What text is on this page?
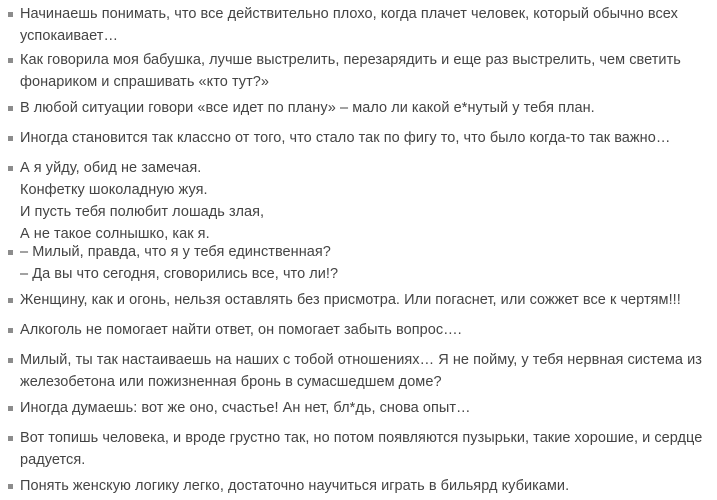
Начинаешь понимать, что все действительно плохо, когда плачет человек, который обычно всех
успокаивает…

Как говорила моя бабушка, лучше выстрелить, перезарядить и еще раз выстрелить, чем светить
фонариком и спрашивать «кто тут?»

В любой ситуации говори «все идет по плану» – мало ли какой е*нутый у тебя план.

Иногда становится так классно от того, что стало так по фигу то, что было когда-то так важно…

А я уйду, обид не замечая.
Конфетку шоколадную жуя.
И пусть тебя полюбит лошадь злая,
А не такое солнышко, как я.

– Милый, правда, что я у тебя единственная?
– Да вы что сегодня, сговорились все, что ли!?

Женщину, как и огонь, нельзя оставлять без присмотра. Или погаснет, или сожжет все к чертям!!!

Алкоголь не помогает найти ответ, он помогает забыть вопрос….

Милый, ты так настаиваешь на наших с тобой отношениях… Я не пойму, у тебя нервная система из
железобетона или пожизненная бронь в сумасшедшем доме?

Иногда думаешь: вот же оно, счастье! Ан нет, бл*дь, снова опыт…

Вот топишь человека, и вроде грустно так, но потом появляются пузырьки, такие хорошие, и сердце
радуется.

Понять женскую логику легко, достаточно научиться играть в бильярд кубиками.
